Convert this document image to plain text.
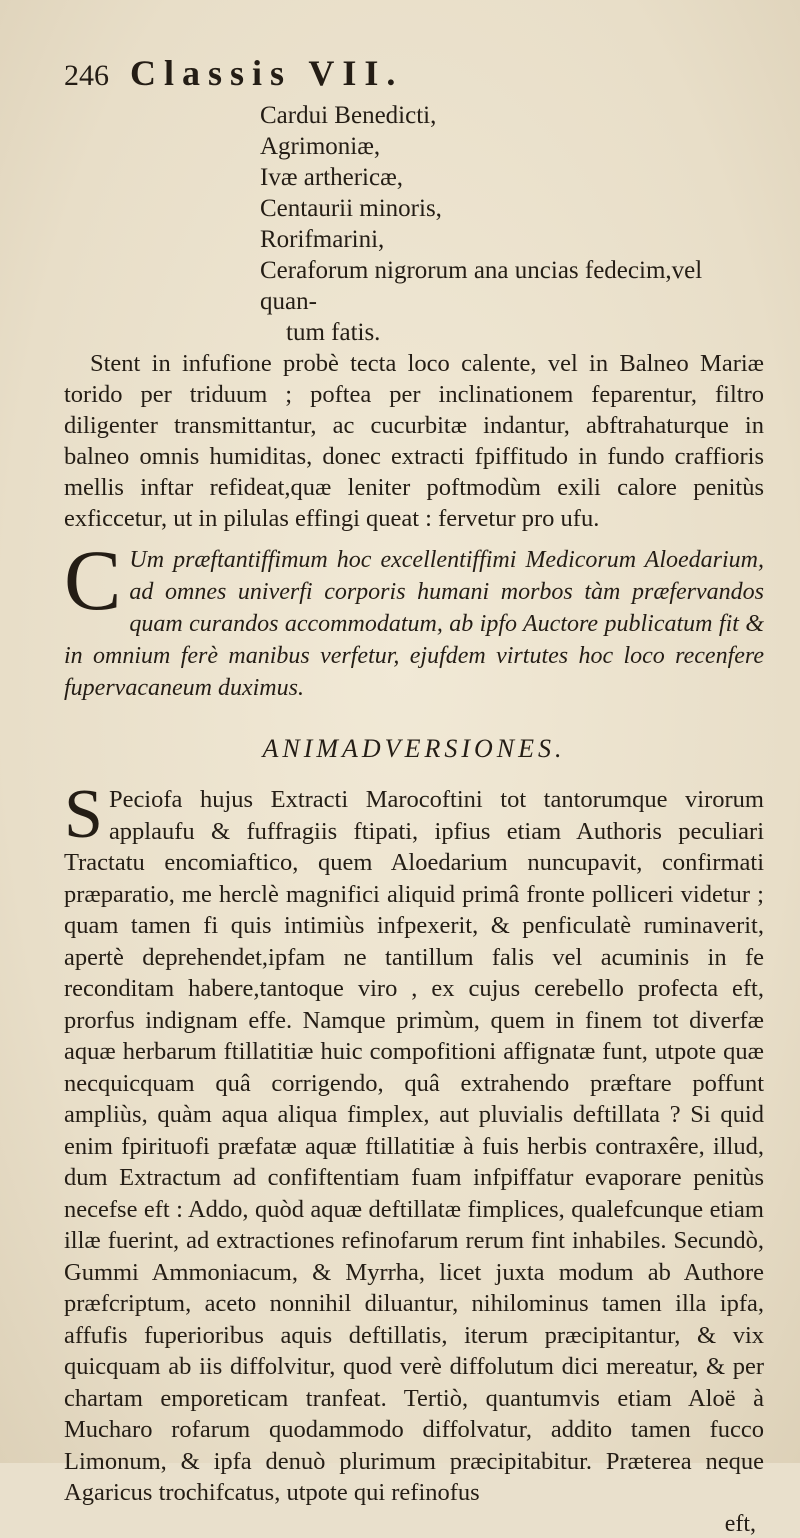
246 Classis VII.
Cardui Benedicti,
Agrimoniæ,
Ivæ arthericæ,
Centaurii minoris,
Rorifmarini,
Ceraforum nigrorum ana uncias fedecim,vel quan-
tum fatis.

Stent in infufione probè tecta loco calente, vel in Balneo Mariæ torido per triduum ; poftea per inclinationem feparentur, filtro diligenter transmittantur, ac cucurbitæ indantur, abftrahaturque in balneo omnis humiditas, donec extracti fpiffitudo in fundo craffioris mellis inftar refideat,quæ leniter poftmodùm exili calore penitùs exficcetur, ut in pilulas effingi queat : fervetur pro ufu.

C Um præftantiffimum hoc excellentiffimi Medicorum Aloedarium, ad omnes univerfi corporis humani morbos tàm præfervandos quam curandos accommodatum, ab ipfo Auctore publicatum fit & in omnium ferè manibus verfetur, ejufdem virtutes hoc loco recenfere fupervacaneum duximus.
ANIMADVERSIONES.
S Peciofa hujus Extracti Marocoftini tot tantorumque virorum applaufu & fuffragiis ftipati, ipfius etiam Authoris peculiari Tractatu encomiaftico, quem Aloedarium nuncupavit, confirmati præparatio, me herclè magnifici aliquid primâ fronte polliceri videtur ; quam tamen fi quis intimiùs infpexerit, & penficulatè ruminaverit, apertè deprehendet,ipfam ne tantillum falis vel acuminis in fe reconditam habere,tantoque viro , ex cujus cerebello profectа eft, prorfus indignam effe. Namque primùm, quem in finem tot diverfæ aquæ herbarum ftillatitiæ huic compofitioni affignatæ funt, utpote quæ necquicquam quâ corrigendo, quâ extrahendo præftare poffunt ampliùs, quàm aqua aliqua fimplex, aut pluvialis deftillata ? Si quid enim fpirituofi præfatæ aquæ ftillatitiæ à fuis herbis contraxêre, illud, dum Extractum ad confiftentiam fuam infpiffatur evaporare penitùs necefse eft : Addo, quòd aquæ deftillatæ fimplices, qualefcunque etiam illæ fuerint, ad extractiones refinofarum rerum fint inhabiles. Secundò, Gummi Ammoniacum, & Myrrha, licet juxta modum ab Authore præfcriptum, aceto nonnihil diluantur, nihilominus tamen illa ipfa, affufis fuperioribus aquis deftillatis, iterum præcipitantur, & vix quicquam ab iis diffolvitur, quod verè diffolutum dici mereatur, & per chartam emporeticam tranfeat. Tertiò, quantumvis etiam Aloë à Mucharo rofarum quodammodo diffolvatur, addito tamen fucco Limonum, & ipfa denuò plurimum præcipitabitur. Præterea neque Agaricus trochifcatus, utpote qui refinofus
eft,
